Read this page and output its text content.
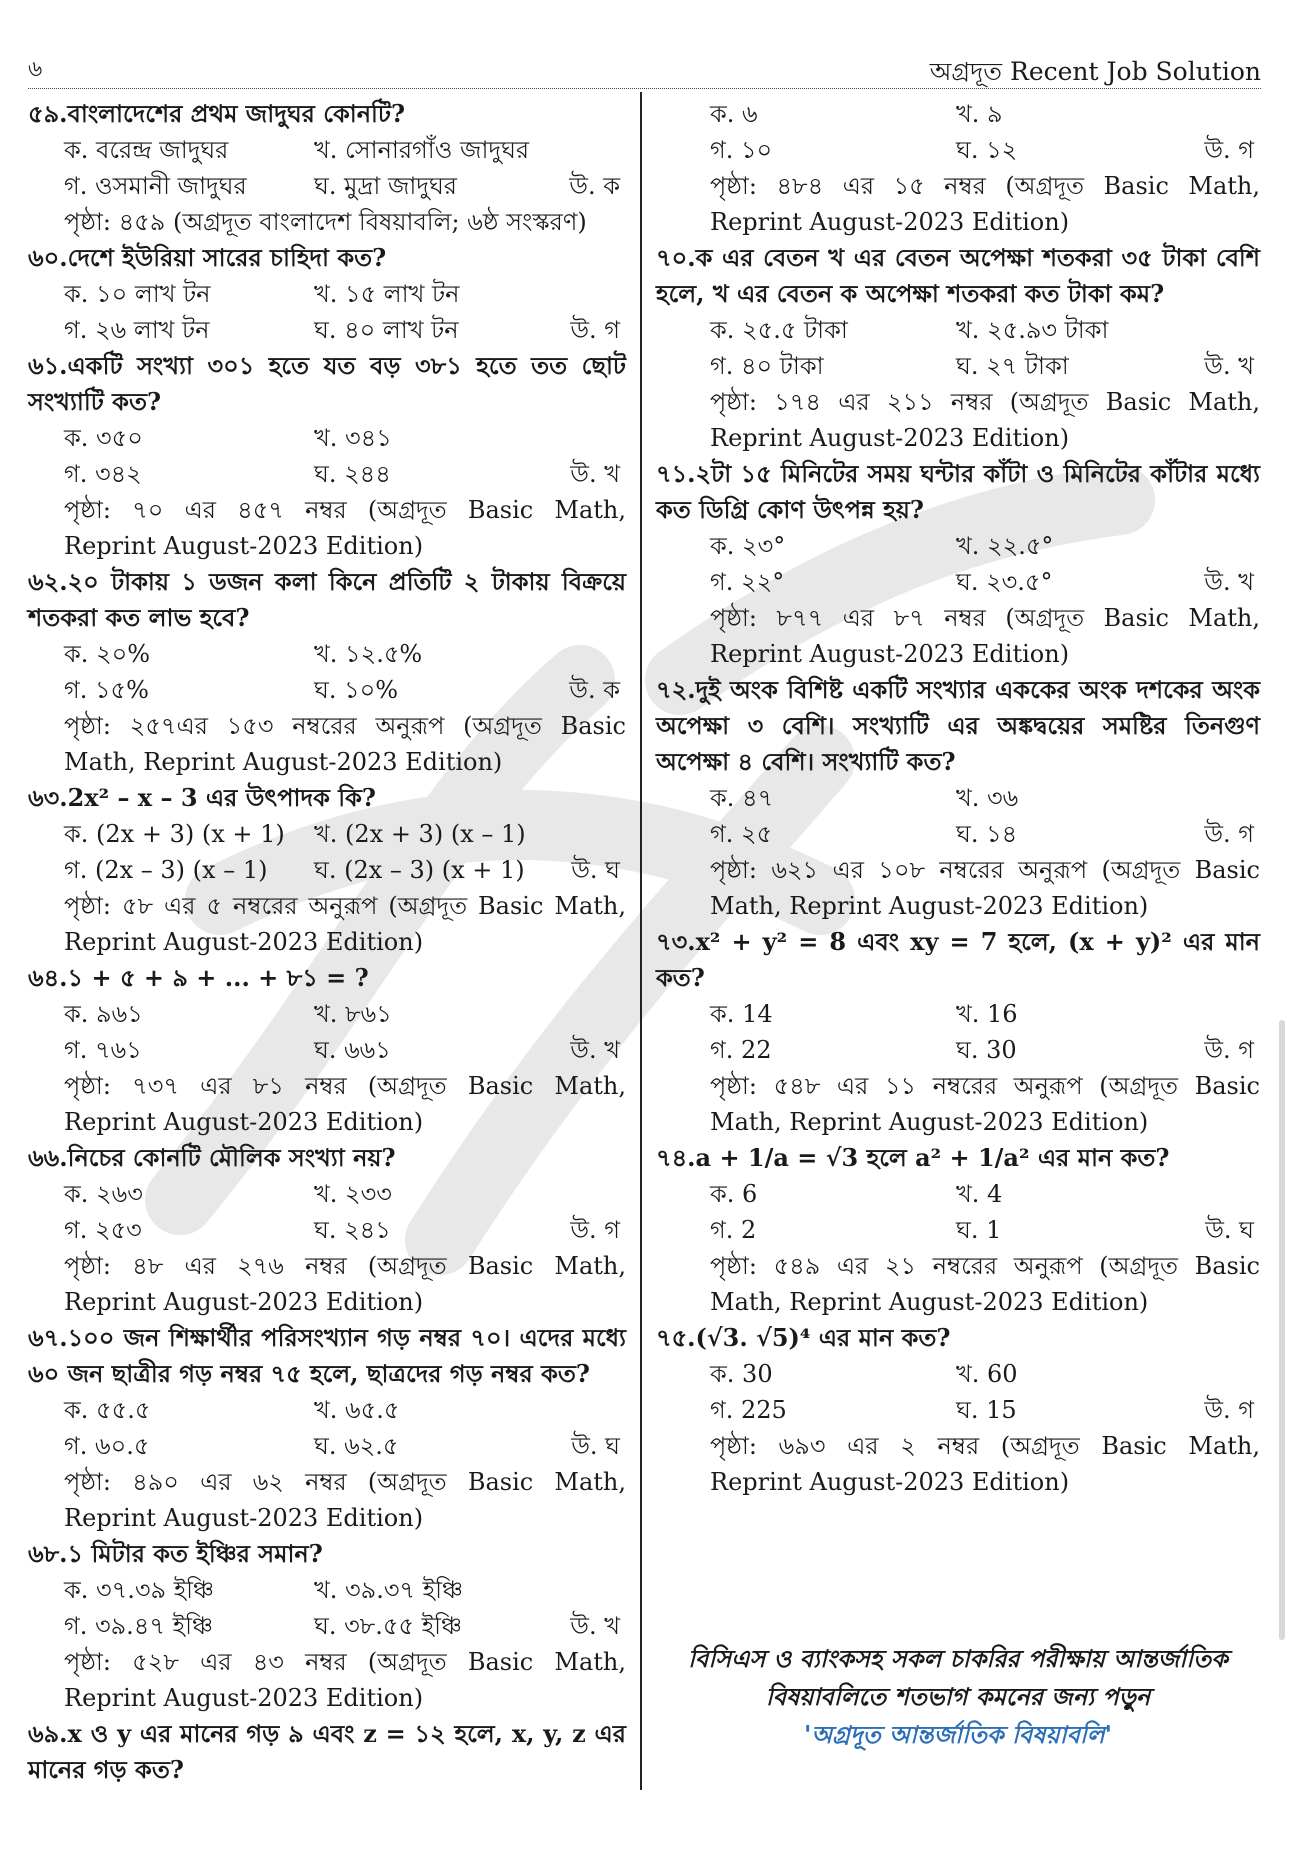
৬	অগ্রদূত Recent Job Solution
৫৯.বাংলাদেশের প্রথম জাদুঘর কোনটি?
ক. বরেন্দ্র জাদুঘর	খ. সোনারগাঁও জাদুঘর
গ. ওসমানী জাদুঘর	ঘ. মুদ্রা জাদুঘর	উ. ক
পৃষ্ঠা: ৪৫৯ (অগ্রদূত বাংলাদেশ বিষয়াবলি; ৬ষ্ঠ সংস্করণ)
৬০.দেশে ইউরিয়া সারের চাহিদা কত?
ক. ১০ লাখ টন	খ. ১৫ লাখ টন
গ. ২৬ লাখ টন	ঘ. ৪০ লাখ টন	উ. গ
৬১.একটি সংখ্যা ৩০১ হতে যত বড় ৩৮১ হতে তত ছোট সংখ্যাটি কত?
ক. ৩৫০	খ. ৩৪১
গ. ৩৪২	ঘ. ২৪৪	উ. খ
পৃষ্ঠা: ৭০ এর ৪৫৭ নম্বর (অগ্রদূত Basic Math, Reprint August-2023 Edition)
৬২.২০ টাকায় ১ ডজন কলা কিনে প্রতিটি ২ টাকায় বিক্রয়ে শতকরা কত লাভ হবে?
ক. ২০%	খ. ১২.৫%
গ. ১৫%	ঘ. ১০%	উ. ক
পৃষ্ঠা: ২৫৭এর ১৫৩ নম্বরের অনুরূপ (অগ্রদূত Basic Math, Reprint August-2023 Edition)
৬৩.2x² – x – 3 এর উৎপাদক কি?
ক. (2x + 3) (x + 1) খ. (2x + 3) (x – 1)
গ. (2x – 3) (x – 1) ঘ. (2x – 3) (x + 1) উ. ঘ
পৃষ্ঠা: ৫৮ এর ৫ নম্বরের অনুরূপ (অগ্রদূত Basic Math, Reprint August-2023 Edition)
৬৪.১ + ৫ + ৯ + ... + ৮১ = ?
ক. ৯৬১	খ. ৮৬১
গ. ৭৬১	ঘ. ৬৬১	উ. খ
পৃষ্ঠা: ৭৩৭ এর ৮১ নম্বর (অগ্রদূত Basic Math, Reprint August-2023 Edition)
৬৬.নিচের কোনটি মৌলিক সংখ্যা নয়?
ক. ২৬৩	খ. ২৩৩
গ. ২৫৩	ঘ. ২৪১	উ. গ
পৃষ্ঠা: ৪৮ এর ২৭৬ নম্বর (অগ্রদূত Basic Math, Reprint August-2023 Edition)
৬৭.১০০ জন শিক্ষার্থীর পরিসংখ্যান গড় নম্বর ৭০। এদের মধ্যে ৬০ জন ছাত্রীর গড় নম্বর ৭৫ হলে, ছাত্রদের গড় নম্বর কত?
ক. ৫৫.৫	খ. ৬৫.৫
গ. ৬০.৫	ঘ. ৬২.৫	উ. ঘ
পৃষ্ঠা: ৪৯০ এর ৬২ নম্বর (অগ্রদূত Basic Math, Reprint August-2023 Edition)
৬৮.১ মিটার কত ইঞ্চির সমান?
ক. ৩৭.৩৯ ইঞ্চি	খ. ৩৯.৩৭ ইঞ্চি
গ. ৩৯.৪৭ ইঞ্চি	ঘ. ৩৮.৫৫ ইঞ্চি	উ. খ
পৃষ্ঠা: ৫২৮ এর ৪৩ নম্বর (অগ্রদূত Basic Math, Reprint August-2023 Edition)
৬৯.x ও y এর মানের গড় ৯ এবং z = ১২ হলে, x, y, z এর মানের গড় কত?
ক. ৬	খ. ৯
গ. ১০	ঘ. ১২	উ. গ
পৃষ্ঠা: ৪৮৪ এর ১৫ নম্বর (অগ্রদূত Basic Math, Reprint August-2023 Edition)
৭০.ক এর বেতন খ এর বেতন অপেক্ষা শতকরা ৩৫ টাকা বেশি হলে, খ এর বেতন ক অপেক্ষা শতকরা কত টাকা কম?
ক. ২৫.৫ টাকা	খ. ২৫.৯৩ টাকা
গ. ৪০ টাকা	ঘ. ২৭ টাকা	উ. খ
পৃষ্ঠা: ১৭৪ এর ২১১ নম্বর (অগ্রদূত Basic Math, Reprint August-2023 Edition)
৭১.২টা ১৫ মিনিটের সময় ঘন্টার কাঁটা ও মিনিটের কাঁটার মধ্যে কত ডিগ্রি কোণ উৎপন্ন হয়?
ক. ২৩°	খ. ২২.৫°
গ. ২২°	ঘ. ২৩.৫°	উ. খ
পৃষ্ঠা: ৮৭৭ এর ৮৭ নম্বর (অগ্রদূত Basic Math, Reprint August-2023 Edition)
৭২.দুই অংক বিশিষ্ট একটি সংখ্যার এককের অংক দশকের অংক অপেক্ষা ৩ বেশি। সংখ্যাটি এর অঙ্কদ্বয়ের সমষ্টির তিনগুণ অপেক্ষা ৪ বেশি। সংখ্যাটি কত?
ক. ৪৭	খ. ৩৬
গ. ২৫	ঘ. ১৪	উ. গ
পৃষ্ঠা: ৬২১ এর ১০৮ নম্বরের অনুরূপ (অগ্রদূত Basic Math, Reprint August-2023 Edition)
৭৩.x² + y² = 8 এবং xy = 7 হলে, (x + y)² এর মান কত?
ক. 14	খ. 16
গ. 22	ঘ. 30	উ. গ
পৃষ্ঠা: ৫৪৮ এর ১১ নম্বরের অনুরূপ (অগ্রদূত Basic Math, Reprint August-2023 Edition)
৭৪.a + 1/a = √3 হলে a² + 1/a² এর মান কত?
ক. 6	খ. 4
গ. 2	ঘ. 1	উ. ঘ
পৃষ্ঠা: ৫৪৯ এর ২১ নম্বরের অনুরূপ (অগ্রদূত Basic Math, Reprint August-2023 Edition)
৭৫.(√3. √5)⁴ এর মান কত?
ক. 30	খ. 60
গ. 225	ঘ. 15	উ. গ
পৃষ্ঠা: ৬৯৩ এর ২ নম্বর (অগ্রদূত Basic Math, Reprint August-2023 Edition)
বিসিএস ও ব্যাংকসহ সকল চাকরির পরীক্ষায় আন্তর্জাতিক
বিষয়াবলিতে শতভাগ কমনের জন্য পড়ুন
'অগ্রদূত আন্তর্জাতিক বিষয়াবলি'
